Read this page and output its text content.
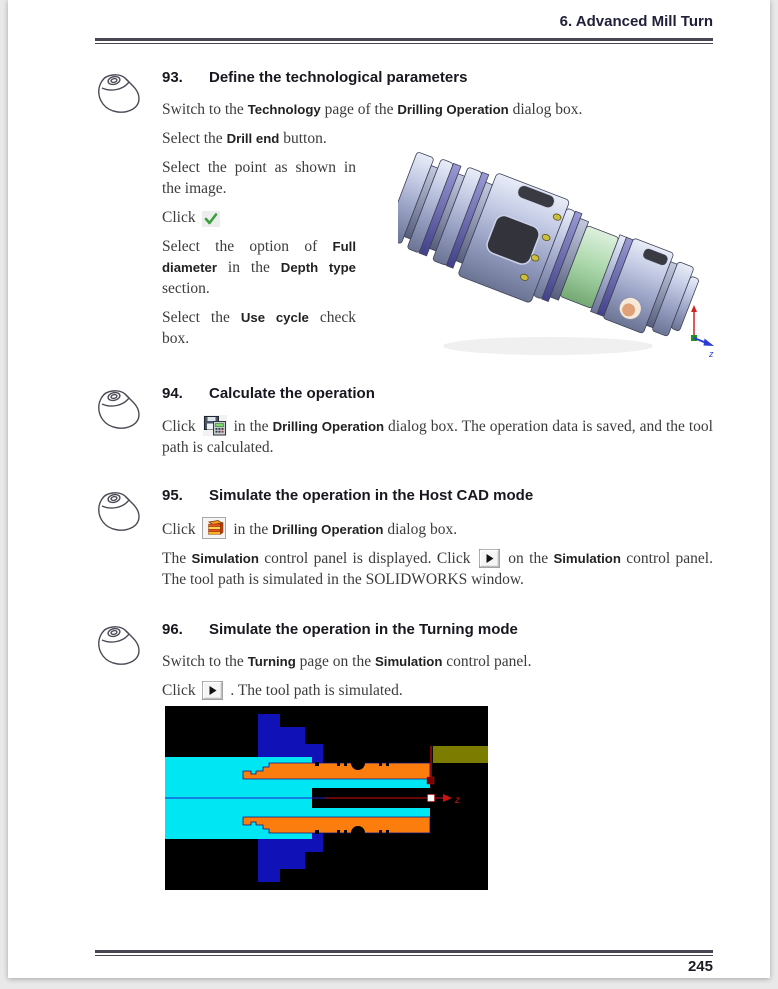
6. Advanced Mill Turn
93. Define the technological parameters

Switch to the Technology page of the Drilling Operation dialog box.

Select the Drill end button.

Select the point as shown in the image.

Click

Select the option of Full diameter in the Depth type section.

Select the Use cycle check box.

z
94. Calculate the operation

Click
in the Drilling Operation dialog box. The operation data is saved, and the tool path is calculated.

95. Simulate the operation in the Host CAD mode

Click
in the Drilling Operation dialog box.

The Simulation control panel is displayed. Click
on the Simulation control panel. The tool path is simulated in the SOLIDWORKS window.

96. Simulate the operation in the Turning mode

Switch to the Turning page on the Simulation control panel.

Click
. The tool path is simulated.

z
245
